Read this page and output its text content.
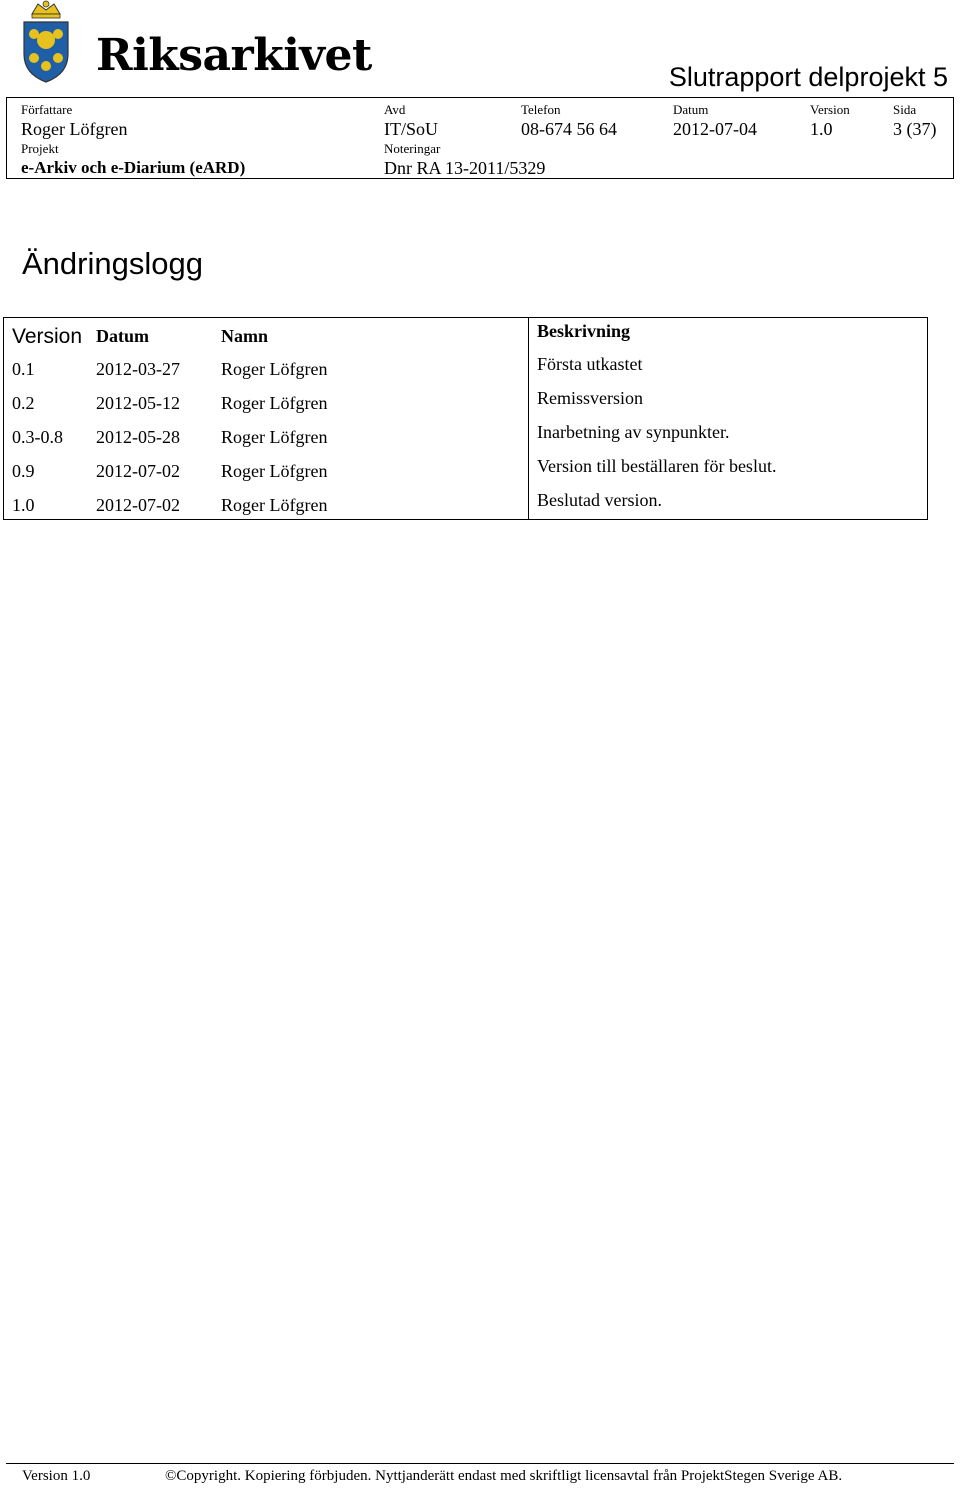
Riksarkivet	Slutrapport delprojekt 5
Författare
Roger Löfgren
Avd
IT/SoU
Telefon
08-674 56 64
Datum
2012-07-04
Version
1.0
Sida
3 (37)
Projekt
e-Arkiv och e-Diarium (eARD)
Noteringar
Dnr RA 13-2011/5329
Ändringslogg
Version Datum	Namn	Beskrivning
0.1	2012-03-27 Roger Löfgren	Första utkastet
0.2	2012-05-12 Roger Löfgren	Remissversion
0.3-0.8 2012-05-28 Roger Löfgren	Inarbetning av synpunkter.
0.9	2012-07-02 Roger Löfgren	Version till beställaren för beslut.
1.0	2012-07-02 Roger Löfgren	Beslutad version.
Version 1.0	©Copyright. Kopiering förbjuden. Nyttjanderätt endast med skriftligt licensavtal från ProjektStegen Sverige AB.
